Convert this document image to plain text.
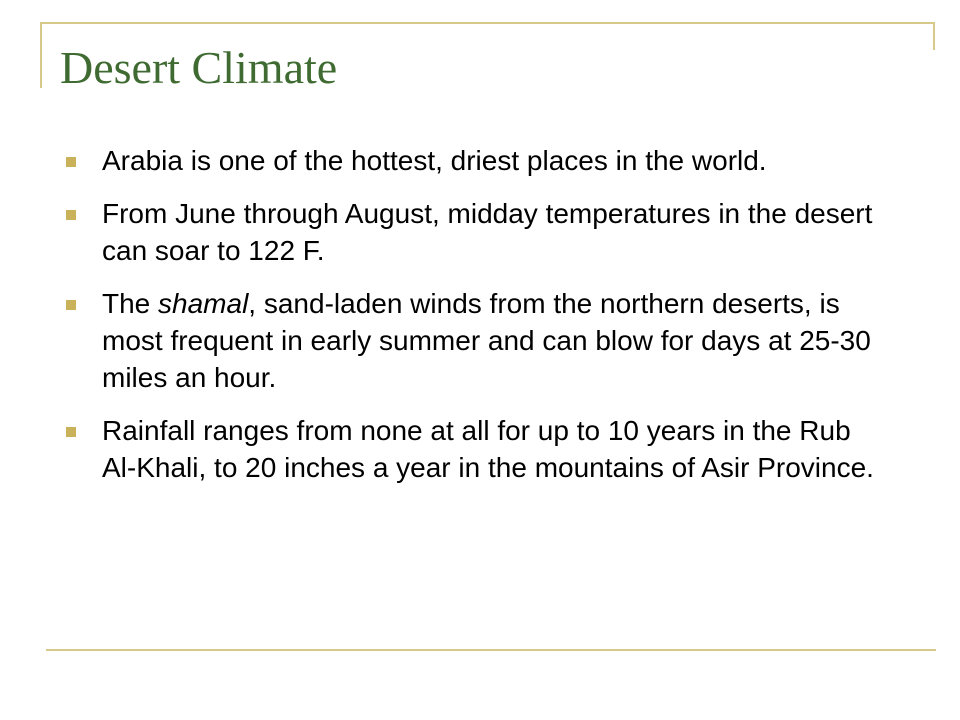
Desert Climate
Arabia is one of the hottest, driest places in the world.
From June through August, midday temperatures in the desert can soar to 122 F.
The shamal, sand-laden winds from the northern deserts, is most frequent in early summer and can blow for days at 25-30 miles an hour.
Rainfall ranges from none at all for up to 10 years in the Rub Al-Khali, to 20 inches a year in the mountains of Asir Province.
